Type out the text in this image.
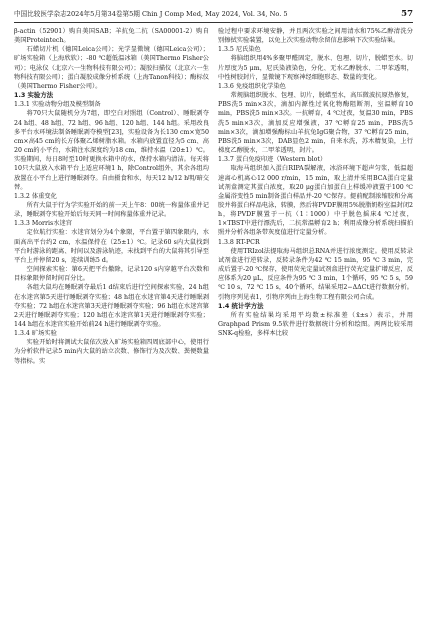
中国比较医学杂志2024年5月第34卷第5期 Chin J Comp Med, May 2024, Vol. 34, No. 5	57

β-actin（52901）购自美国SAB；羊抗兔二抗（SA00001-2）购自美国Proteintech。

石蜡切片机（德国Leica公司）；光学显微镜（德国Leica公司）；旷场实验箱（上海欣软）；-80 ℃超低温冰箱（美国Thermo Fisher公司）；电泳仪（北京六一生物科技有限公司）；凝胶扫描仪（北京六一生物科技有限公司）；蛋白凝胶成像分析系统（上海Tanon科技）；酶标仪（美国Thermo Fisher公司）。

1.3 实验方法
1.3.1 实验动物分组及模型制备

将70只大鼠随机分为7组，即空白对照组（Control）、睡眠剥夺24 h组、48 h组、72 h组、96 h组、120 h组、144 h组。采用改良多平台水环境法制备睡眠剥夺模型[23]，实验设备为长130 cm×宽50 cm×高45 cm的长方体聚乙烯树脂水箱。水箱内放置直径为5 cm、高20 cm的小平台，水箱注水深度约为18 cm，维持水温（20±1）℃。实验期间，每日8时至10时更换水箱中的水，保持水箱内清洁。每天将10只大鼠放入水箱平台上适应环境1 h，除Control组外，其余各组均放置在小平台上进行睡眠剥夺。自由摄食和水，每天12 h/12 h明/暗交替。

1.3.2 体重变化

所有大鼠于行为学实验开始的前一天上午8：00统一称量体重并记录，睡眠剥夺实验开始后每天同一时间称量体重并记录。

1.3.3 Morris水迷宫

定位航行实验：水迷宫划分为4个象限，平台置于第四象限内，水面高出平台约2 cm，水温保持在（25±1）℃。记录60 s内大鼠找到平台时游泳的距离、时间以及游泳轨迹，未找到平台的大鼠将其引导至平台上并停留20 s，连续训练5 d。

空间探索实验：第6天把平台撤除，记录120 s内穿越平台次数和目标象限停留时间百分比。

各组大鼠均在睡眠剥夺最后1 d结束后进行空间探索实验，24 h组在水迷宫第5天进行睡眠剥夺实验；48 h组在水迷宫第4天进行睡眠剥夺实验；72 h组在水迷宫第3天进行睡眠剥夺实验；96 h组在水迷宫第2天进行睡眠剥夺实验；120 h组在水迷宫第1天进行睡眠剥夺实验；144 h组在水迷宫实验开始前24 h进行睡眠剥夺实验。

1.3.4 旷场实验

实验开始时将测试大鼠依次放入旷场实验箱四周底部中心，使用行为分析软件记录5 min内大鼠的站立次数、修饰行为及次数、粪便数量等指标。实

验过程中要求环境安静，并且两次实验之间用清水和75%乙醇清洗分别擦拭实验装置，以免上次实验动物余留信息影响下次实验结果。

1.3.5 尼氏染色

将脑组织用4%多聚甲醛固定，脱水、包埋、切片，脱蜡至水。切片厚度为5 μm，尼氏染液染色，分化、无水乙醇脱水、二甲苯透明，中性树胶封片，显微镜下观察神经细胞形态、数量的变化。

1.3.6 免疫组织化学染色

常规脑组织脱水、包埋、切片，脱蜡至水，高压微波抗原热修复，PBS洗5 min×3次，滴加内源性过氧化物酶阻断剂，室温孵育10 min，PBS洗5 min×3次。一抗孵育，4 ℃过夜，复温30 min，PBS洗5 min×3次，滴加反应增强液，37 ℃孵育25 min，PBS洗5 min×3次，滴加增强酶标山羊抗兔IgG聚合物，37 ℃孵育25 min，PBS洗5 min×3次，DAB显色2 min，自来水洗，苏木精复染，上行梯度乙醇脱水，二甲苯透明，封片。

1.3.7 蛋白免疫印迹（Western blot）

取海马组织加入蛋白RIPA裂解液，冰浴环境下超声匀浆，低温超速离心机离心12 000 r/min，15 min，取上清并采用BCA蛋白定量试剂盒测定其蛋白浓度，取20 μg蛋白加蛋白上样缓冲液置于100 ℃金属浴变性5 min制备蛋白样品并-20 ℃保存。提前配制浓缩胶和分离胶并将蛋白样品电泳，转膜，然后将PVDF膜用5%脱脂奶粉室温封闭2 h，将PVDF膜置于一抗（1∶1000）中于脱色摇床4 ℃过夜，1×TBST中进行漂洗后，二抗常温孵育2 h；利用成像分析系统扫描拍照并分析各组条带灰度值进行定量分析。

1.3.8 RT-PCR

使用TRIzol法提取海马组织总RNA并进行浓度测定。使用反转录试剂盒进行逆转录，反转录条件为42 ℃ 15 min，95 ℃ 3 min，完成后置于-20 ℃保存，使用荧光定量试剂盒进行荧光定量扩增反应，反应体系为20 μL，反应条件为95 ℃ 3 min，1个循环，95 ℃ 5 s，59 ℃ 10 s，72 ℃ 15 s，40个循环，结果采用2−ΔΔCt进行数据分析。引物序列见表1，引物序列由上海生物工程有限公司合成。

1.4 统计学方法

所有实验结果均采用平均数±标准差（x̄±s）表示，并用Graphpad Prism 9.5软件进行数据统计分析和绘图。两两比较采用SNK-q检验，多样本比较
